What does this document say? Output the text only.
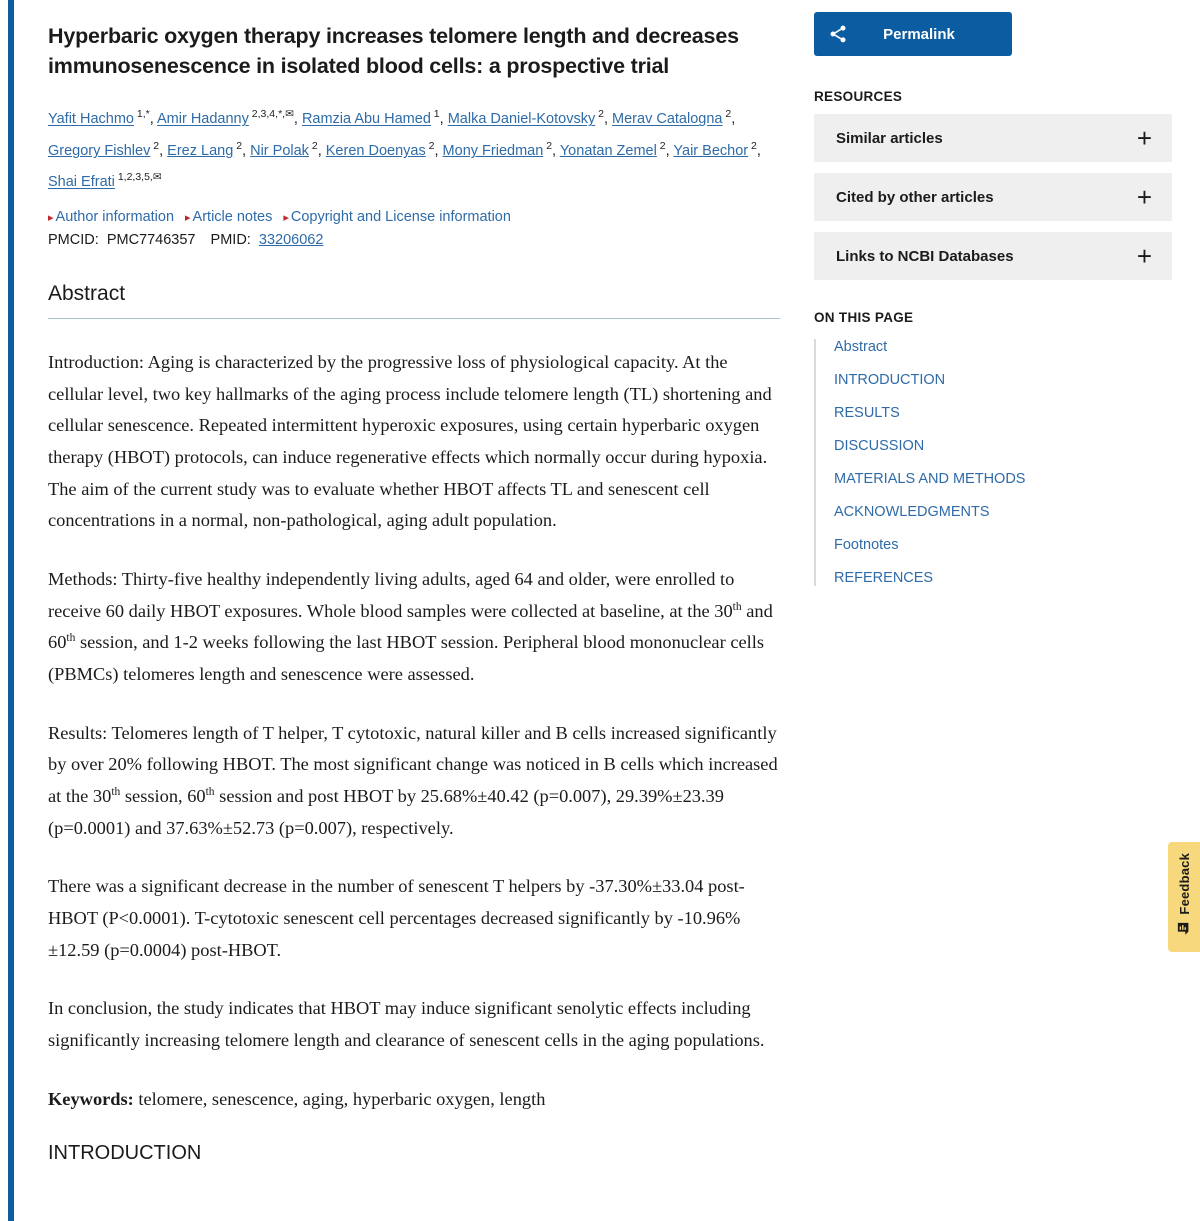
Hyperbaric oxygen therapy increases telomere length and decreases immunosenescence in isolated blood cells: a prospective trial
Yafit Hachmo $^{1,*}$, Amir Hadanny $^{2,3,4,*,✉}$, Ramzia Abu Hamed $^1$, Malka Daniel-Kotovsky $^2$, Merav Catalogna $^2$, Gregory Fishlev $^2$, Erez Lang $^2$, Nir Polak $^2$, Keren Doenyas $^2$, Mony Friedman $^2$, Yonatan Zemel $^2$, Yair Bechor $^2$, Shai Efrati $^{1,2,3,5,✉}$
▸ Author information ▸ Article notes ▸ Copyright and License information
PMCID: PMC7746357 PMID: 33206062
Abstract

Introduction: Aging is characterized by the progressive loss of physiological capacity. At the cellular level, two key hallmarks of the aging process include telomere length (TL) shortening and cellular senescence. Repeated intermittent hyperoxic exposures, using certain hyperbaric oxygen therapy (HBOT) protocols, can induce regenerative effects which normally occur during hypoxia. The aim of the current study was to evaluate whether HBOT affects TL and senescent cell concentrations in a normal, non-pathological, aging adult population.

Methods: Thirty-five healthy independently living adults, aged 64 and older, were enrolled to receive 60 daily HBOT exposures. Whole blood samples were collected at baseline, at the 30th and 60th session, and 1-2 weeks following the last HBOT session. Peripheral blood mononuclear cells (PBMCs) telomeres length and senescence were assessed.

Results: Telomeres length of T helper, T cytotoxic, natural killer and B cells increased significantly by over 20% following HBOT. The most significant change was noticed in B cells which increased at the 30th session, 60th session and post HBOT by 25.68%±40.42 (p=0.007), 29.39%±23.39 (p=0.0001) and 37.63%±52.73 (p=0.007), respectively.

There was a significant decrease in the number of senescent T helpers by -37.30%±33.04 post-HBOT (P<0.0001). T-cytotoxic senescent cell percentages decreased significantly by -10.96%±12.59 (p=0.0004) post-HBOT.

In conclusion, the study indicates that HBOT may induce significant senolytic effects including significantly increasing telomere length and clearance of senescent cells in the aging populations.

Keywords: telomere, senescence, aging, hyperbaric oxygen, length

INTRODUCTION
Permalink
RESOURCES
Similar articles	+
Cited by other articles	+
Links to NCBI Databases	+
ON THIS PAGE
Abstract
INTRODUCTION
RESULTS
DISCUSSION
MATERIALS AND METHODS
ACKNOWLEDGMENTS
Footnotes
REFERENCES
Feedback
